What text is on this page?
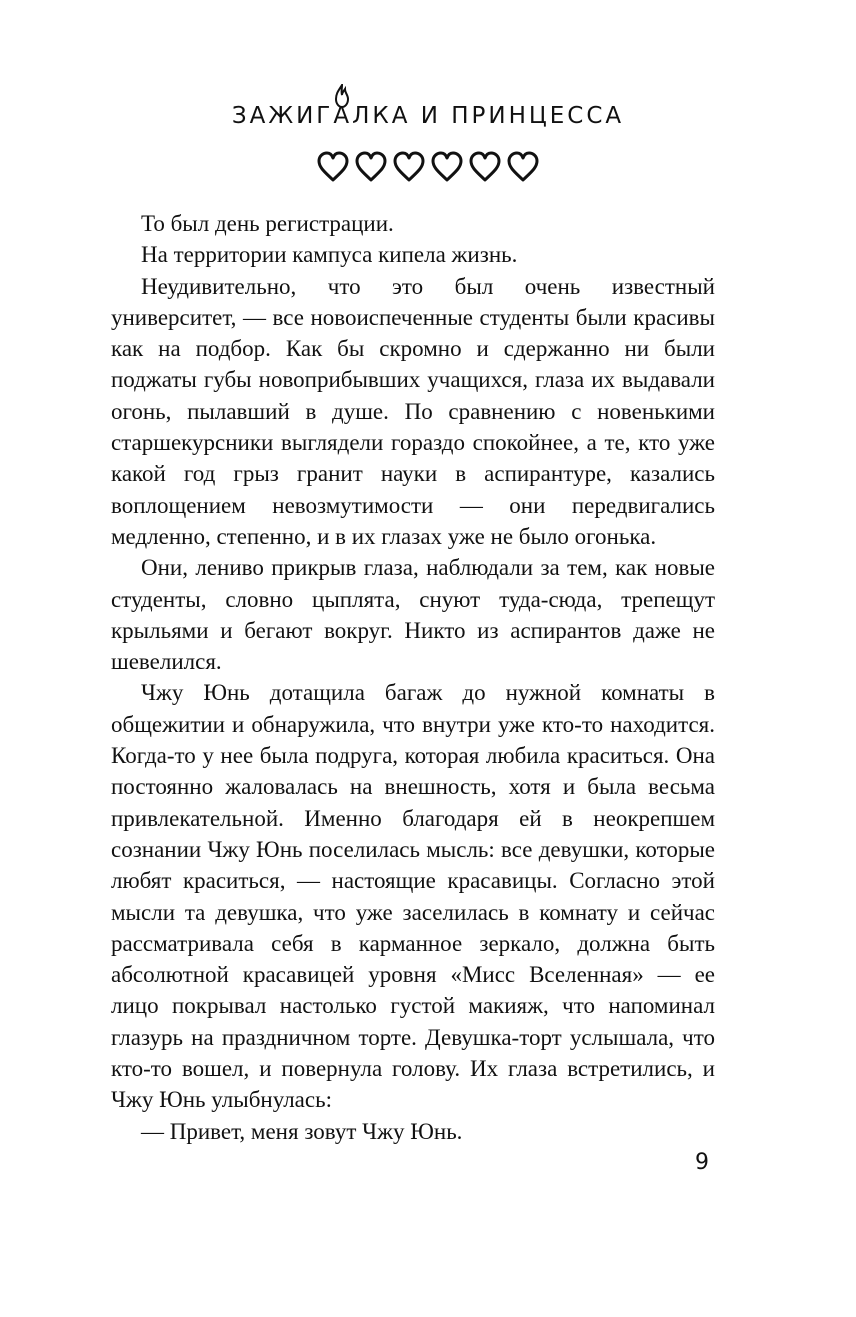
ЗАЖИГАЛКА И ПРИНЦЕССА

То был день регистрации.

На территории кампуса кипела жизнь.

Неудивительно, что это был очень известный университет, — все новоиспеченные студенты были красивы как на подбор. Как бы скромно и сдержанно ни были поджаты губы новоприбывших учащихся, глаза их выдавали огонь, пылавший в душе. По сравнению с новенькими старшекурсники выглядели гораздо спокойнее, а те, кто уже какой год грыз гранит науки в аспирантуре, казались воплощением невозмутимости — они передвигались медленно, степенно, и в их глазах уже не было огонька.

Они, лениво прикрыв глаза, наблюдали за тем, как новые студенты, словно цыплята, снуют туда-сюда, трепещут крыльями и бегают вокруг. Никто из аспирантов даже не шевелился.

Чжу Юнь дотащила багаж до нужной комнаты в общежитии и обнаружила, что внутри уже кто-то находится. Когда-то у нее была подруга, которая любила краситься. Она постоянно жаловалась на внешность, хотя и была весьма привлекательной. Именно благодаря ей в неокрепшем сознании Чжу Юнь поселилась мысль: все девушки, которые любят краситься, — настоящие красавицы. Согласно этой мысли та девушка, что уже заселилась в комнату и сейчас рассматривала себя в карманное зеркало, должна быть абсолютной красавицей уровня «Мисс Вселенная» — ее лицо покрывал настолько густой макияж, что напоминал глазурь на праздничном торте. Девушка-торт услышала, что кто-то вошел, и повернула голову. Их глаза встретились, и Чжу Юнь улыбнулась:

— Привет, меня зовут Чжу Юнь.

9
